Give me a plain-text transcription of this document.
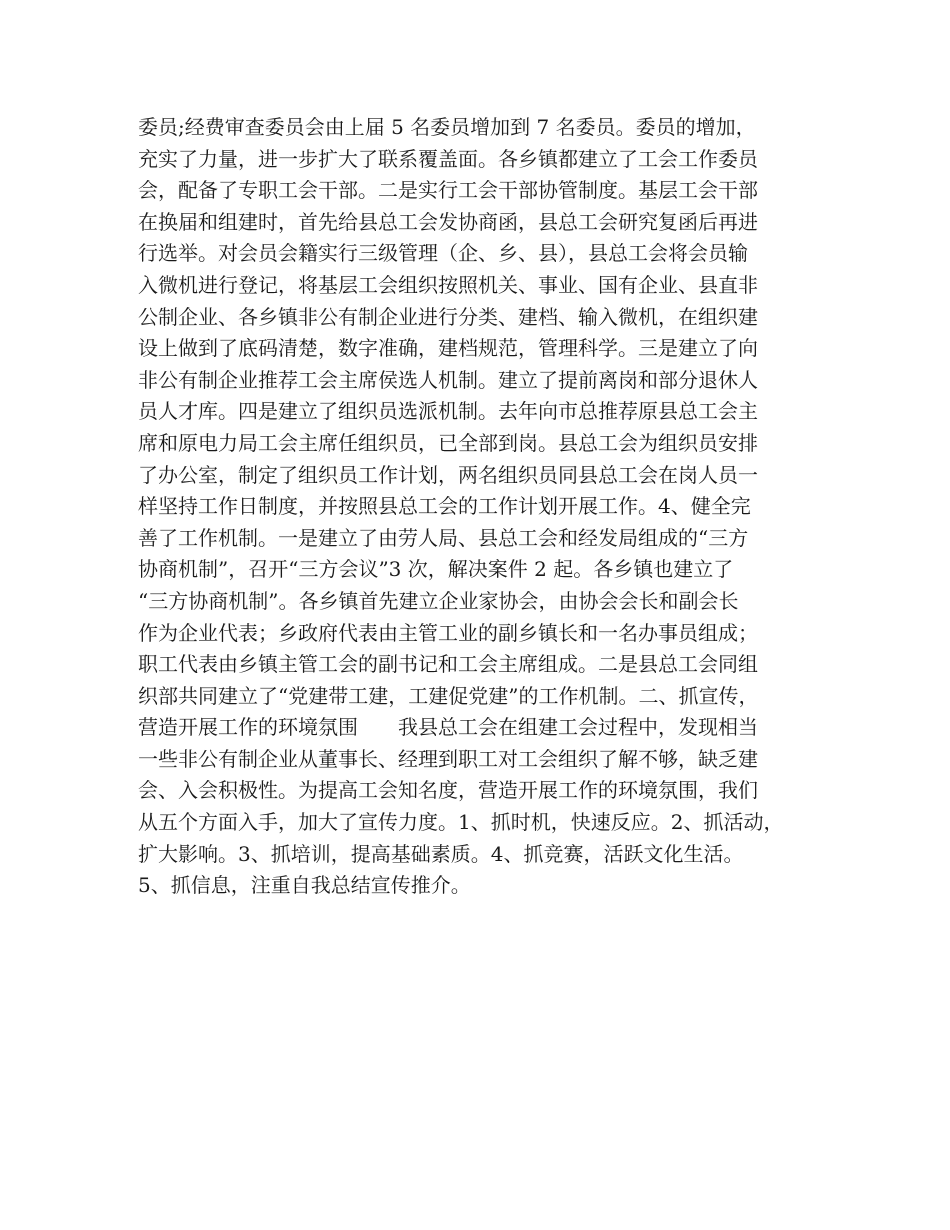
委员;经费审查委员会由上届 5 名委员增加到 7 名委员。委员的增加，
充实了力量，进一步扩大了联系覆盖面。各乡镇都建立了工会工作委员
会，配备了专职工会干部。二是实行工会干部协管制度。基层工会干部
在换届和组建时，首先给县总工会发协商函，县总工会研究复函后再进
行选举。对会员会籍实行三级管理（企、乡、县），县总工会将会员输
入微机进行登记，将基层工会组织按照机关、事业、国有企业、县直非
公制企业、各乡镇非公有制企业进行分类、建档、输入微机，在组织建
设上做到了底码清楚，数字准确，建档规范，管理科学。三是建立了向
非公有制企业推荐工会主席侯选人机制。建立了提前离岗和部分退休人
员人才库。四是建立了组织员选派机制。去年向市总推荐原县总工会主
席和原电力局工会主席任组织员，已全部到岗。县总工会为组织员安排
了办公室，制定了组织员工作计划，两名组织员同县总工会在岗人员一
样坚持工作日制度，并按照县总工会的工作计划开展工作。4、健全完
善了工作机制。一是建立了由劳人局、县总工会和经发局组成的“三方
协商机制”，召开“三方会议”3 次，解决案件 2 起。各乡镇也建立了
“三方协商机制”。各乡镇首先建立企业家协会，由协会会长和副会长
作为企业代表；乡政府代表由主管工业的副乡镇长和一名办事员组成；
职工代表由乡镇主管工会的副书记和工会主席组成。二是县总工会同组
织部共同建立了“党建带工建，工建促党建”的工作机制。二、抓宣传，
营造开展工作的环境氛围　　我县总工会在组建工会过程中，发现相当
一些非公有制企业从董事长、经理到职工对工会组织了解不够，缺乏建
会、入会积极性。为提高工会知名度，营造开展工作的环境氛围，我们
从五个方面入手，加大了宣传力度。1、抓时机，快速反应。2、抓活动，
扩大影响。3、抓培训，提高基础素质。4、抓竞赛，活跃文化生活。
5、抓信息，注重自我总结宣传推介。
